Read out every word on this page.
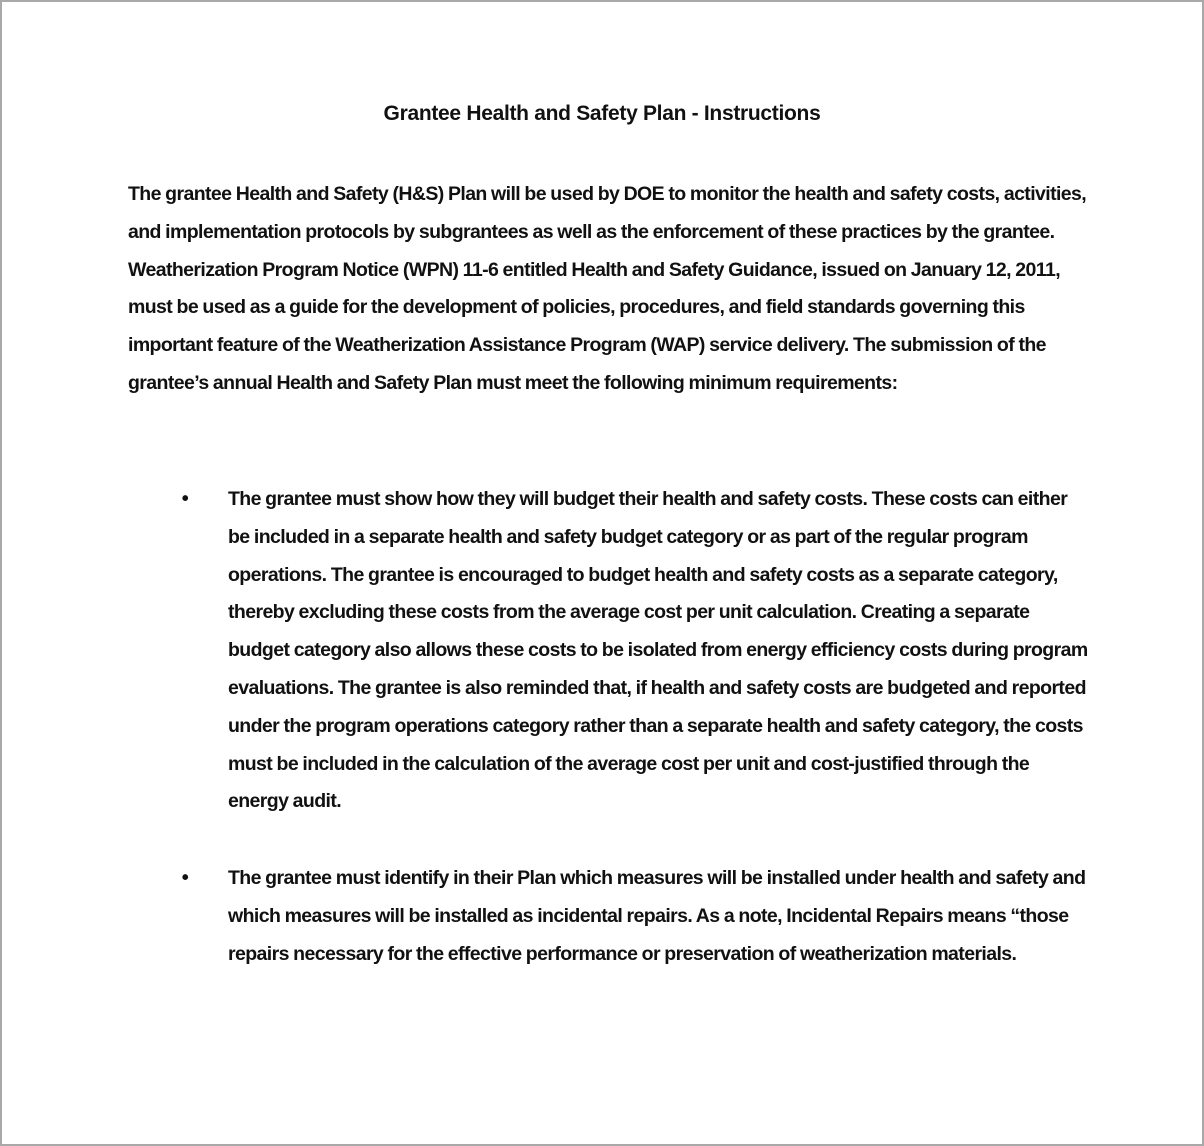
Grantee Health and Safety Plan - Instructions

The grantee Health and Safety (H&S) Plan will be used by DOE to monitor the health and safety costs, activities, and implementation protocols by subgrantees as well as the enforcement of these practices by the grantee. Weatherization Program Notice (WPN) 11-6 entitled Health and Safety Guidance, issued on January 12, 2011, must be used as a guide for the development of policies, procedures, and field standards governing this important feature of the Weatherization Assistance Program (WAP) service delivery. The submission of the grantee’s annual Health and Safety Plan must meet the following minimum requirements:

• The grantee must show how they will budget their health and safety costs. These costs can either be included in a separate health and safety budget category or as part of the regular program operations. The grantee is encouraged to budget health and safety costs as a separate category, thereby excluding these costs from the average cost per unit calculation. Creating a separate budget category also allows these costs to be isolated from energy efficiency costs during program evaluations. The grantee is also reminded that, if health and safety costs are budgeted and reported under the program operations category rather than a separate health and safety category, the costs must be included in the calculation of the average cost per unit and cost-justified through the energy audit.
• The grantee must identify in their Plan which measures will be installed under health and safety and which measures will be installed as incidental repairs. As a note, Incidental Repairs means “those repairs necessary for the effective performance or preservation of weatherization materials.
